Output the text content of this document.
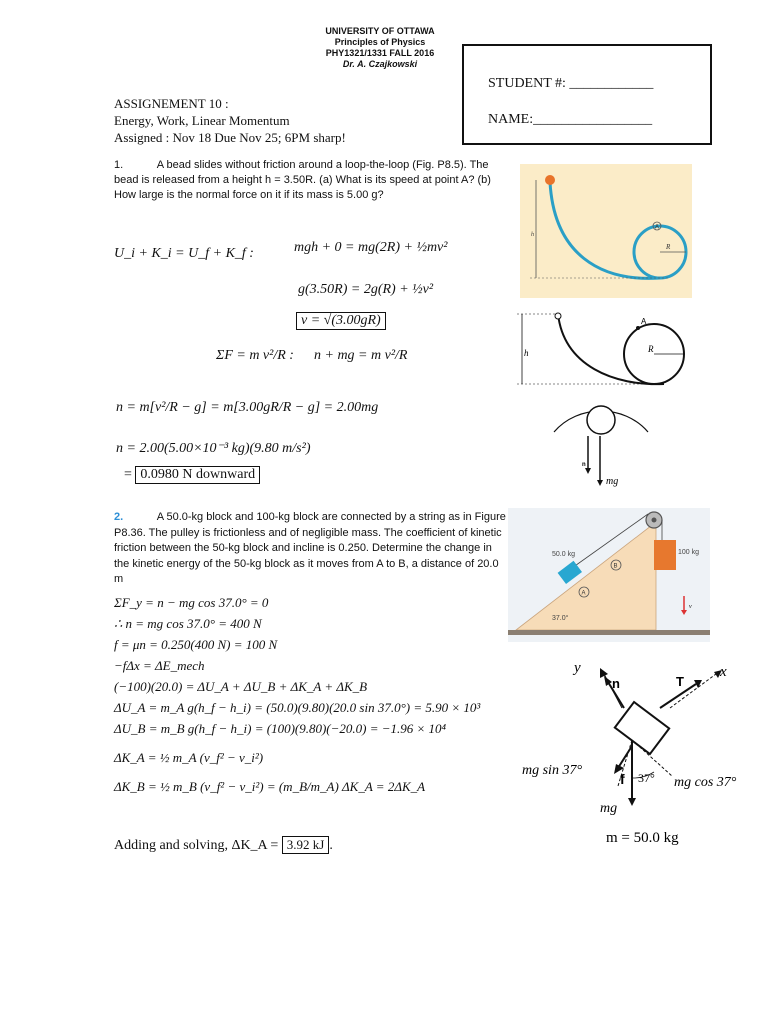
UNIVERSITY OF OTTAWA
Principles of Physics
PHY1321/1331 FALL 2016
Dr. A. Czajkowski
STUDENT #: ____________
NAME:_________________
ASSIGNEMENT 10 :
Energy, Work, Linear Momentum
Assigned : Nov 18 Due Nov 25; 6PM sharp!
1.	A bead slides without friction around a loop-the-loop (Fig. P8.5). The bead is released from a height h = 3.50R. (a) What is its speed at point A? (b) How large is the normal force on it if its mass is 5.00 g?
U_i + K_i = U_f + K_f :	mgh + 0 = mg(2R) + ½mv²
g(3.50R) = 2g(R) + ½v²
v = √(3.00gR)
ΣF = m v²/R : n + mg = m v²/R
n = m[v²/R − g] = m[3.00gR/R − g] = 2.00mg
n = 2.00(5.00×10⁻³ kg)(9.80 m/s²)
= 0.0980 N downward
A
R
h
A
R
h
n
mg
2.	A 50.0-kg block and 100-kg block are connected by a string as in Figure P8.36. The pulley is frictionless and of negligible mass. The coefficient of kinetic friction between the 50-kg block and incline is 0.250. Determine the change in the kinetic energy of the 50-kg block as it moves from A to B, a distance of 20.0 m
ΣF_y = n − mg cos 37.0° = 0
∴ n = mg cos 37.0° = 400 N
f = μn = 0.250(400 N) = 100 N
−fΔx = ΔE_mech
(−100)(20.0) = ΔU_A + ΔU_B + ΔK_A + ΔK_B
ΔU_A = m_A g(h_f − h_i) = (50.0)(9.80)(20.0 sin 37.0°) = 5.90 × 10³
ΔU_B = m_B g(h_f − h_i) = (100)(9.80)(−20.0) = −1.96 × 10⁴
ΔK_A = ½ m_A (v_f² − v_i²)
ΔK_B = ½ m_B (v_f² − v_i²) = (m_B/m_A) ΔK_A = 2ΔK_A
Adding and solving, ΔK_A = 3.92 kJ .
A
B
50.0 kg	100 kg
37.0°
v
y	x
n	T
f 37°
mg sin 37°
mg cos 37°
mg
m = 50.0 kg
